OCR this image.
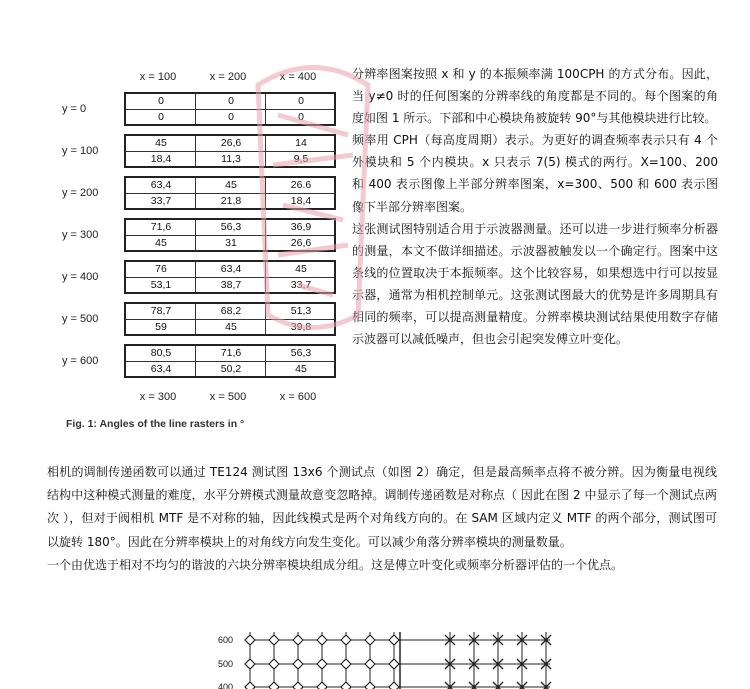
x = 100	x = 200	x = 400
y = 0
0	0	0
0	0	0
y = 100
45	26,6	14
18,4	11,3	9,5
y = 200
63,4	45	26.6
33,7	21,8	18,4
y = 300
71,6	56,3	36,9
45	31	26,6
y = 400
76	63,4	45
53,1	38,7	33,7
y = 500
78,7	68,2	51,3
59	45	39,8
y = 600
80,5	71,6	56,3
63,4	50,2	45
x = 300	x = 500	x = 600
Fig. 1: Angles of the line rasters in °

分辨率图案按照 x 和 y 的本振频率满 100CPH 的方式分布。因此，当 y≠0 时的任何图案的分辨率线的角度都是不同的。每个图案的角度如图 1 所示。下部和中心模块角被旋转 90°与其他模块进行比较。

频率用 CPH（每高度周期）表示。为更好的调查频率表示只有 4 个外模块和 5 个内模块。x 只表示 7(5) 模式的两行。X=100、200 和 400 表示图像上半部分辨率图案，x=300、500 和 600 表示图像下半部分辨率图案。

这张测试图特别适合用于示波器测量。还可以进一步进行频率分析器的测量，本文不做详细描述。示波器被触发以一个确定行。图案中这条线的位置取决于本振频率。这个比较容易，如果想选中行可以按显示器，通常为相机控制单元。这张测试图最大的优势是许多周期具有相同的频率，可以提高测量精度。分辨率模块测试结果使用数字存储示波器可以减低噪声，但也会引起突发傅立叶变化。

相机的调制传递函数可以通过 TE124 测试图 13x6 个测试点（如图 2）确定，但是最高频率点将不被分辨。因为衡量电视线结构中这种模式测量的难度，水平分辨模式测量故意变忽略掉。调制传递函数是对称点（ 因此在图 2 中显示了每一个测试点两次 ），但对于阀相机 MTF 是不对称的轴，因此线模式是两个对角线方向的。在 SAM 区域内定义 MTF 的两个部分，测试图可以旋转 180°。因此在分辨率模块上的对角线方向发生变化。可以减少角落分辨率模块的测量数量。

一个由优选于相对不均匀的谐波的六块分辨率模块组成分组。这是傅立叶变化或频率分析器评估的一个优点。

600
500
400
